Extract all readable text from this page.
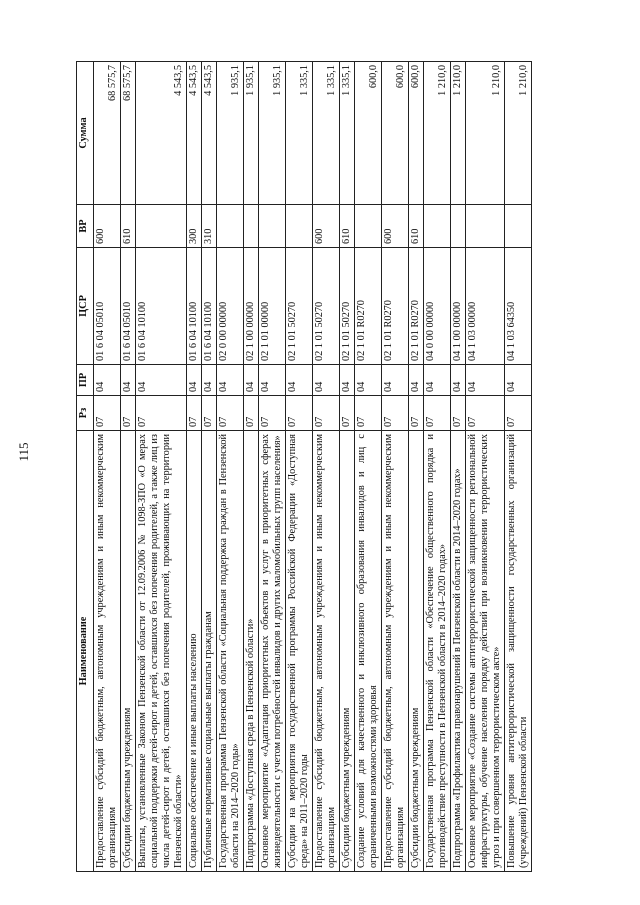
115
Наименование	Рз	ПР	ЦСР	ВР	Сумма
Предоставление субсидий бюджетным, автономным учреждениям и иным некоммерческим организациям	07	04	01 6 04 05010	600	68 575,7
Субсидии бюджетным учреждениям	07	04	01 6 04 05010	610	68 575,7
Выплаты, установленные Законом Пензенской области от 12.09.2006 № 1098-ЗПО «О мерах социальной поддержки детей-сирот и детей, оставшихся без попечения родителей, а также лиц из числа детей-сирот и детей, оставшихся без попечения родителей, проживающих на территории Пензенской области»	07	04	01 6 04 10100		4 543,5
Социальное обеспечение и иные выплаты населению	07	04	01 6 04 10100	300	4 543,5
Публичные нормативные социальные выплаты гражданам	07	04	01 6 04 10100	310	4 543,5
Государственная программа Пензенской области «Социальная поддержка граждан в Пензенской области на 2014–2020 годы»	07	04	02 0 00 00000		1 935,1
Подпрограмма «Доступная среда в Пензенской области»	07	04	02 1 00 00000		1 935,1
Основное мероприятие «Адаптация приоритетных объектов и услуг в приоритетных сферах жизнедеятельности с учетом потребностей инвалидов и других маломобильных групп населения»	07	04	02 1 01 00000		1 935,1
Субсидии на мероприятия государственной программы Российской Федерации «Доступная среда» на 2011–2020 годы	07	04	02 1 01 50270		1 335,1
Предоставление субсидий бюджетным, автономным учреждениям и иным некоммерческим организациям	07	04	02 1 01 50270	600	1 335,1
Субсидии бюджетным учреждениям	07	04	02 1 01 50270	610	1 335,1
Создание условий для качественного и инклюзивного образования инвалидов и лиц с ограниченными возможностями здоровья	07	04	02 1 01 R0270		600,0
Предоставление субсидий бюджетным, автономным учреждениям и иным некоммерческим организациям	07	04	02 1 01 R0270	600	600,0
Субсидии бюджетным учреждениям	07	04	02 1 01 R0270	610	600,0
Государственная программа Пензенской области «Обеспечение общественного порядка и противодействие преступности в Пензенской области в 2014–2020 годах»	07	04	04 0 00 00000		1 210,0
Подпрограмма «Профилактика правонарушений в Пензенской области в 2014–2020 годах»	07	04	04 1 00 00000		1 210,0
Основное мероприятие «Создание системы антитеррористической защищенности региональной инфраструктуры, обучение населения порядку действий при возникновении террористических угроз и при совершенном террористическом акте»	07	04	04 1 03 00000		1 210,0
Повышение уровня антитеррористической защищенности государственных организаций (учреждений) Пензенской области	07	04	04 1 03 64350		1 210,0
